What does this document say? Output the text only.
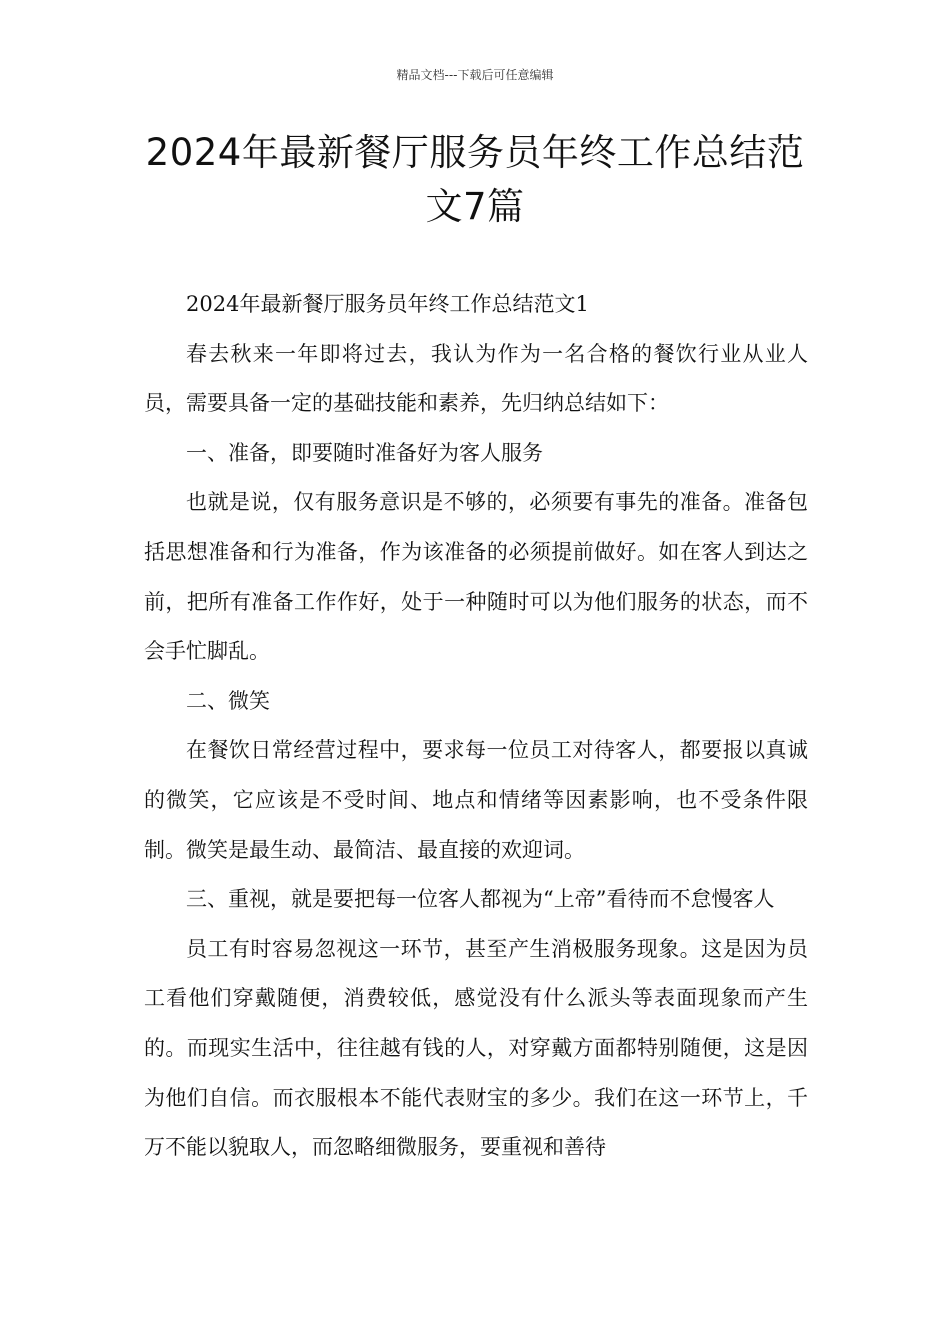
精品文档---下载后可任意编辑
2024年最新餐厅服务员年终工作总结范文7篇

2024年最新餐厅服务员年终工作总结范文1

春去秋来一年即将过去，我认为作为一名合格的餐饮行业从业人员，需要具备一定的基础技能和素养，先归纳总结如下：

一、准备，即要随时准备好为客人服务

也就是说，仅有服务意识是不够的，必须要有事先的准备。准备包括思想准备和行为准备，作为该准备的必须提前做好。如在客人到达之前，把所有准备工作作好，处于一种随时可以为他们服务的状态，而不会手忙脚乱。

二、微笑

在餐饮日常经营过程中，要求每一位员工对待客人，都要报以真诚的微笑，它应该是不受时间、地点和情绪等因素影响，也不受条件限制。微笑是最生动、最简洁、最直接的欢迎词。

三、重视，就是要把每一位客人都视为“上帝”看待而不怠慢客人

员工有时容易忽视这一环节，甚至产生消极服务现象。这是因为员工看他们穿戴随便，消费较低，感觉没有什么派头等表面现象而产生的。而现实生活中，往往越有钱的人，对穿戴方面都特别随便，这是因为他们自信。而衣服根本不能代表财宝的多少。我们在这一环节上，千万不能以貌取人，而忽略细微服务，要重视和善待
